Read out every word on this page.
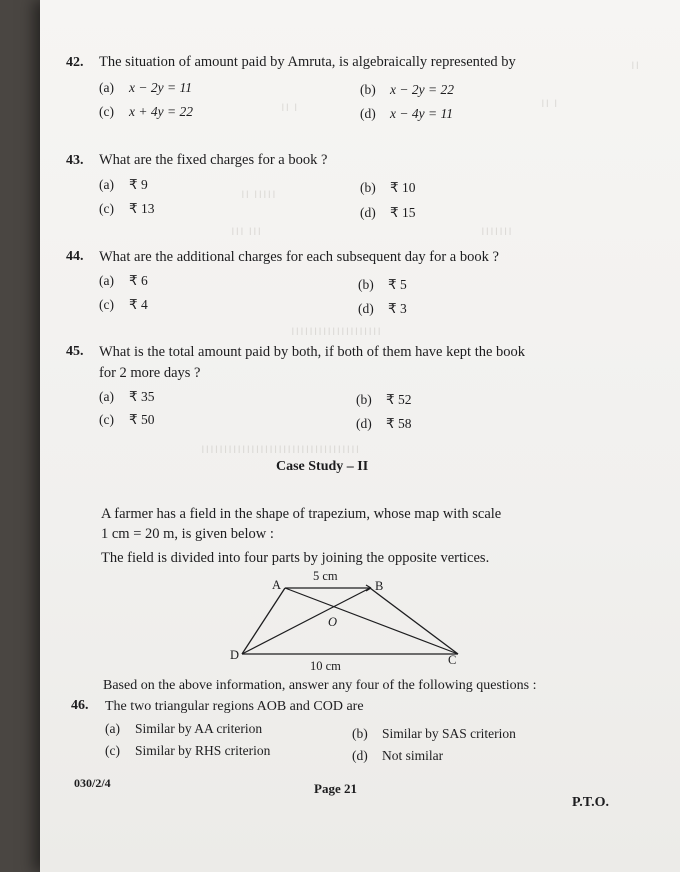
।।
।। ।	।। ।
।। ।।।।।
।।। ।।।	।।।।।।।
।।।।।।।।।।।।।।।।।।।।
।।।।।।।।।।।।।।।।।।।।।।।।।।।।।।।।।।।
42. The situation of amount paid by Amruta, is algebraically represented by
(a) x − 2y = 11	(b) x − 2y = 22
(c) x + 4y = 22	(d) x − 4y = 11
43. What are the fixed charges for a book ?
(a) ₹ 9	(b) ₹ 10
(c) ₹ 13	(d) ₹ 15
44. What are the additional charges for each subsequent day for a book ?
(a) ₹ 6	(b) ₹ 5
(c) ₹ 4	(d) ₹ 3
45. What is the total amount paid by both, if both of them have kept the book
for 2 more days ?
(a) ₹ 35	(b) ₹ 52
(c) ₹ 50	(d) ₹ 58
Case Study – II
A farmer has a field in the shape of trapezium, whose map with scale
1 cm = 20 m, is given below :
The field is divided into four parts by joining the opposite vertices.
A	B
C
D
O
5 cm
10 cm
Based on the above information, answer any four of the following questions :
46. The two triangular regions AOB and COD are
(a) Similar by AA criterion	(b) Similar by SAS criterion
(c) Similar by RHS criterion	(d) Not similar
030/2/4	Page 21
P.T.O.
